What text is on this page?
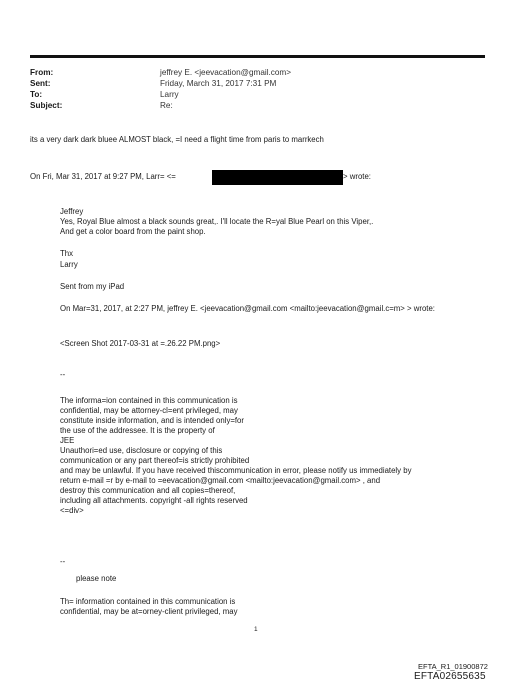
From:	jeffrey E. <jeevacation@gmail.com>
Sent:	Friday, March 31, 2017 7:31 PM
To:	Larry
Subject:	Re:
its a very dark dark bluee ALMOST black, =I need a flight time from paris to marrkech
On Fri, Mar 31, 2017 at 9:27 PM, Larr= <=	> wrote:
Jeffrey
Yes, Royal Blue almost a black sounds great,. I'll locate the R=yal Blue Pearl on this Viper,.
And get a color board from the paint shop.
Thx
Larry
Sent from my iPad
On Mar=31, 2017, at 2:27 PM, jeffrey E. <jeevacation@gmail.com <mailto:jeevacation@gmail.c=m> > wrote:
<Screen Shot 2017-03-31 at =.26.22 PM.png>
--
The informa=ion contained in this communication is
confidential, may be attorney-cl=ent privileged, may
constitute inside information, and is intended only=for
the use of the addressee. It is the property of
JEE
Unauthori=ed use, disclosure or copying of this
communication or any part thereof=is strictly prohibited
and may be unlawful. If you have received thiscommunication in error, please notify us immediately by
return e-mail =r by e-mail to =eevacation@gmail.com <mailto:jeevacation@gmail.com> , and
destroy this communication and all copies=thereof,
including all attachments. copyright -all rights reserved
<=div>
--
please note
Th= information contained in this communication is
confidential, may be at=orney-client privileged, may
1
EFTA_R1_01900872
EFTA02655635
